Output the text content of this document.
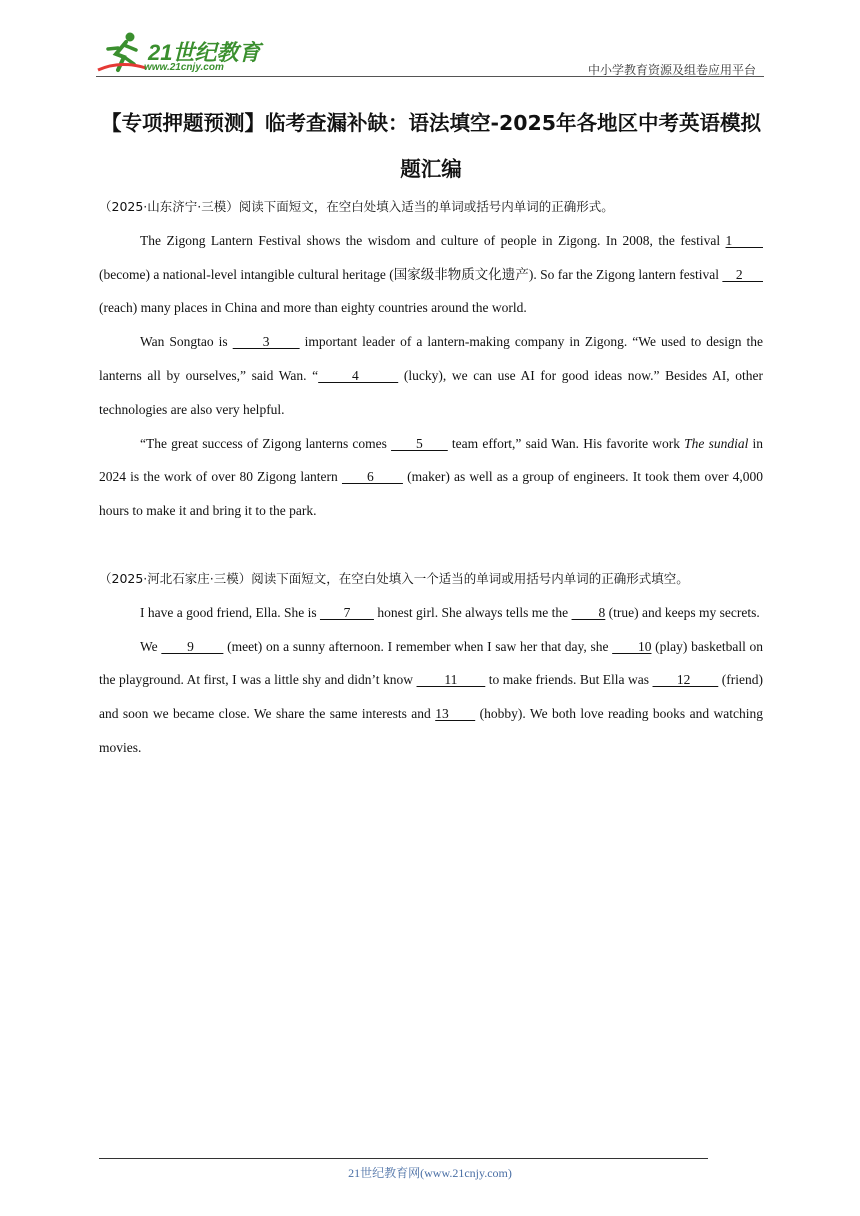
21世纪教育
www.21cnjy.com	中小学教育资源及组卷应用平台
【专项押题预测】临考查漏补缺：语法填空-2025年各地区中考英语模拟题汇编

（2025·山东济宁·三模）阅读下面短文，在空白处填入适当的单词或括号内单词的正确形式。

The Zigong Lantern Festival shows the wisdom and culture of people in Zigong. In 2008, the festival 1       (become) a national-level intangible cultural heritage (国家级非物质文化遗产). So far the Zigong lantern festival     2       (reach) many places in China and more than eighty countries around the world.

Wan Songtao is       3       important leader of a lantern-making company in Zigong. “We used to design the lanterns all by ourselves,” said Wan. “      4        (lucky), we can use AI for good ideas now.” Besides AI, other technologies are also very helpful.

“The great success of Zigong lanterns comes       5       team effort,” said Wan. His favorite work The sundial in 2024 is the work of over 80 Zigong lantern       6        (maker) as well as a group of engineers. It took them over 4,000 hours to make it and bring it to the park.

（2025·河北石家庄·三模）阅读下面短文，在空白处填入一个适当的单词或用括号内单词的正确形式填空。

I have a good friend, Ella. She is        7        honest girl. She always tells me the         8 (true) and keeps my secrets.

We        9         (meet) on a sunny afternoon. I remember when I saw her that day, she        10 (play) basketball on the playground. At first, I was a little shy and didn’t know         11         to make friends. But Ella was        12         (friend) and soon we became close. We share the same interests and 13       (hobby). We both love reading books and watching movies.

21世纪教育网(www.21cnjy.com)
